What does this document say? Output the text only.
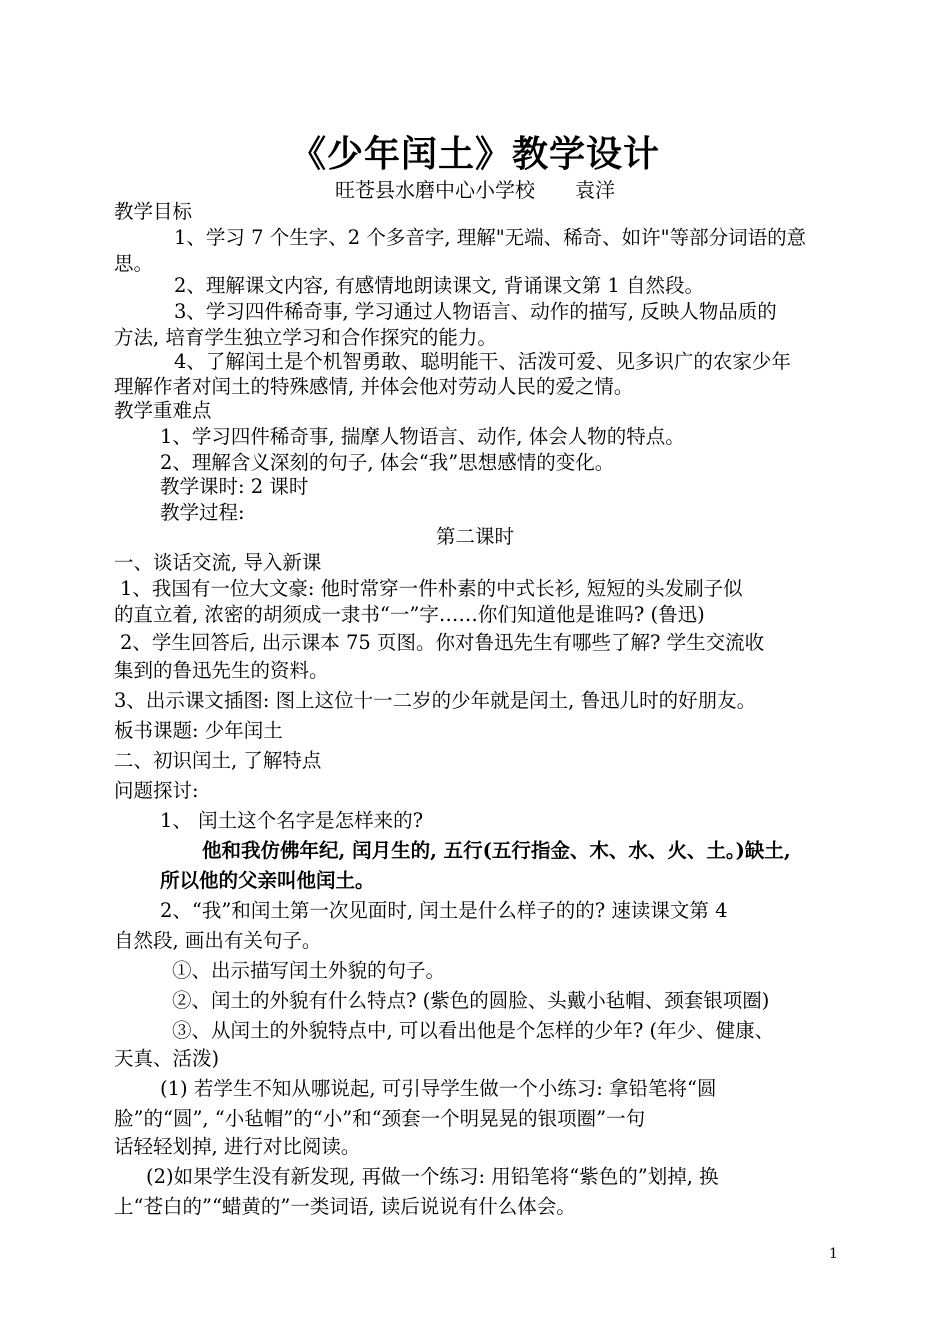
《少年闰土》教学设计
旺苍县水磨中心小学校 袁洋
教学目标
1、学习 7 个生字、2 个多音字, 理解"无端、稀奇、如许"等部分词语的意
思。
2、理解课文内容, 有感情地朗读课文, 背诵课文第 1 自然段。
3、学习四件稀奇事, 学习通过人物语言、动作的描写, 反映人物品质的
方法, 培育学生独立学习和合作探究的能力。
4、了解闰土是个机智勇敢、聪明能干、活泼可爱、见多识广的农家少年
理解作者对闰土的特殊感情, 并体会他对劳动人民的爱之情。
教学重难点
1、学习四件稀奇事, 揣摩人物语言、动作, 体会人物的特点。
2、理解含义深刻的句子, 体会“我”思想感情的变化。
教学课时: 2 课时
教学过程:
第二课时
一、谈话交流, 导入新课
1、我国有一位大文豪: 他时常穿一件朴素的中式长衫, 短短的头发刷子似
的直立着, 浓密的胡须成一隶书“一”字……你们知道他是谁吗? (鲁迅)
2、学生回答后, 出示课本 75 页图。你对鲁迅先生有哪些了解? 学生交流收
集到的鲁迅先生的资料。
3、出示课文插图: 图上这位十一二岁的少年就是闰土, 鲁迅儿时的好朋友。
板书课题: 少年闰土
二、初识闰土, 了解特点
问题探讨:
1、 闰土这个名字是怎样来的?
他和我仿佛年纪, 闰月生的, 五行(五行指金、木、水、火、土。)缺土,
所以他的父亲叫他闰土。
2、“我”和闰土第一次见面时, 闰土是什么样子的的? 速读课文第 4
自然段, 画出有关句子。
①、出示描写闰土外貌的句子。
②、闰土的外貌有什么特点? (紫色的圆脸、头戴小毡帽、颈套银项圈)
③、从闰土的外貌特点中, 可以看出他是个怎样的少年? (年少、健康、
天真、活泼)
(1) 若学生不知从哪说起, 可引导学生做一个小练习: 拿铅笔将“圆
脸”的“圆”, “小毡帽”的“小”和“颈套一个明晃晃的银项圈”一句
话轻轻划掉, 进行对比阅读。
(2)如果学生没有新发现, 再做一个练习: 用铅笔将“紫色的”划掉, 换
上“苍白的”“蜡黄的”一类词语, 读后说说有什么体会。
1
